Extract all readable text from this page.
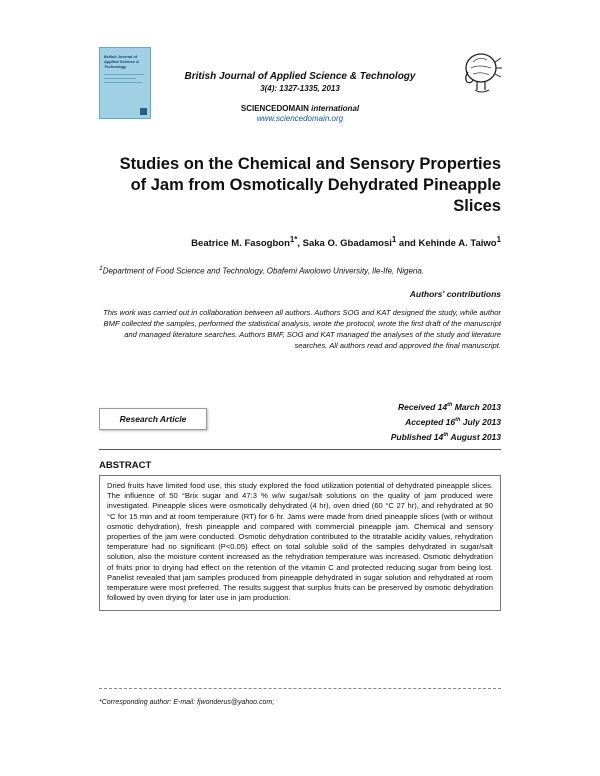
British Journal of Applied Science & Technology
British Journal of Applied Science & Technology
3(4): 1327-1335, 2013
SCIENCEDOMAIN international
www.sciencedomain.org
Studies on the Chemical and Sensory Properties of Jam from Osmotically Dehydrated Pineapple Slices
Beatrice M. Fasogbon$^{1*}$, Saka O. Gbadamosi$^1$ and Kehinde A. Taiwo$^1$
$^1$Department of Food Science and Technology, Obafemi Awolowo University, Ile-Ife, Nigeria.
Authors' contributions
This work was carried out in collaboration between all authors. Authors SOG and KAT designed the study, while author BMF collected the samples, performed the statistical analysis, wrote the protocol, wrote the first draft of the manuscript and managed literature searches. Authors BMF, SOG and KAT managed the analyses of the study and literature searches. All authors read and approved the final manuscript.
Research Article
Received 14th March 2013
Accepted 16th July 2013
Published 14th August 2013
ABSTRACT
Dried fruits have limited food use, this study explored the food utilization potential of dehydrated pineapple slices. The influence of 50 °Brix sugar and 47:3 % w/w sugar/salt solutions on the quality of jam produced were investigated. Pineapple slices were osmotically dehydrated (4 hr), oven dried (60 °C 27 hr), and rehydrated at 90 °C for 15 min and at room temperature (RT) for 6 hr. Jams were made from dried pineapple slices (with or without osmotic dehydration), fresh pineapple and compared with commercial pineapple jam. Chemical and sensory properties of the jam were conducted. Osmotic dehydration contributed to the titratable acidity values, rehydration temperature had no significant (P<0.05) effect on total soluble solid of the samples dehydrated in sugar/salt solution, also the moisture content increased as the rehydration temperature was increased. Osmotic dehydration of fruits prior to drying had effect on the retention of the vitamin C and protected reducing sugar from being lost. Panelist revealed that jam samples produced from pineapple dehydrated in sugar solution and rehydrated at room temperature were most preferred. The results suggest that surplus fruits can be preserved by osmotic dehydration followed by oven drying for later use in jam production.
*Corresponding author: E-mail: fjwonderus@yahoo.com;
